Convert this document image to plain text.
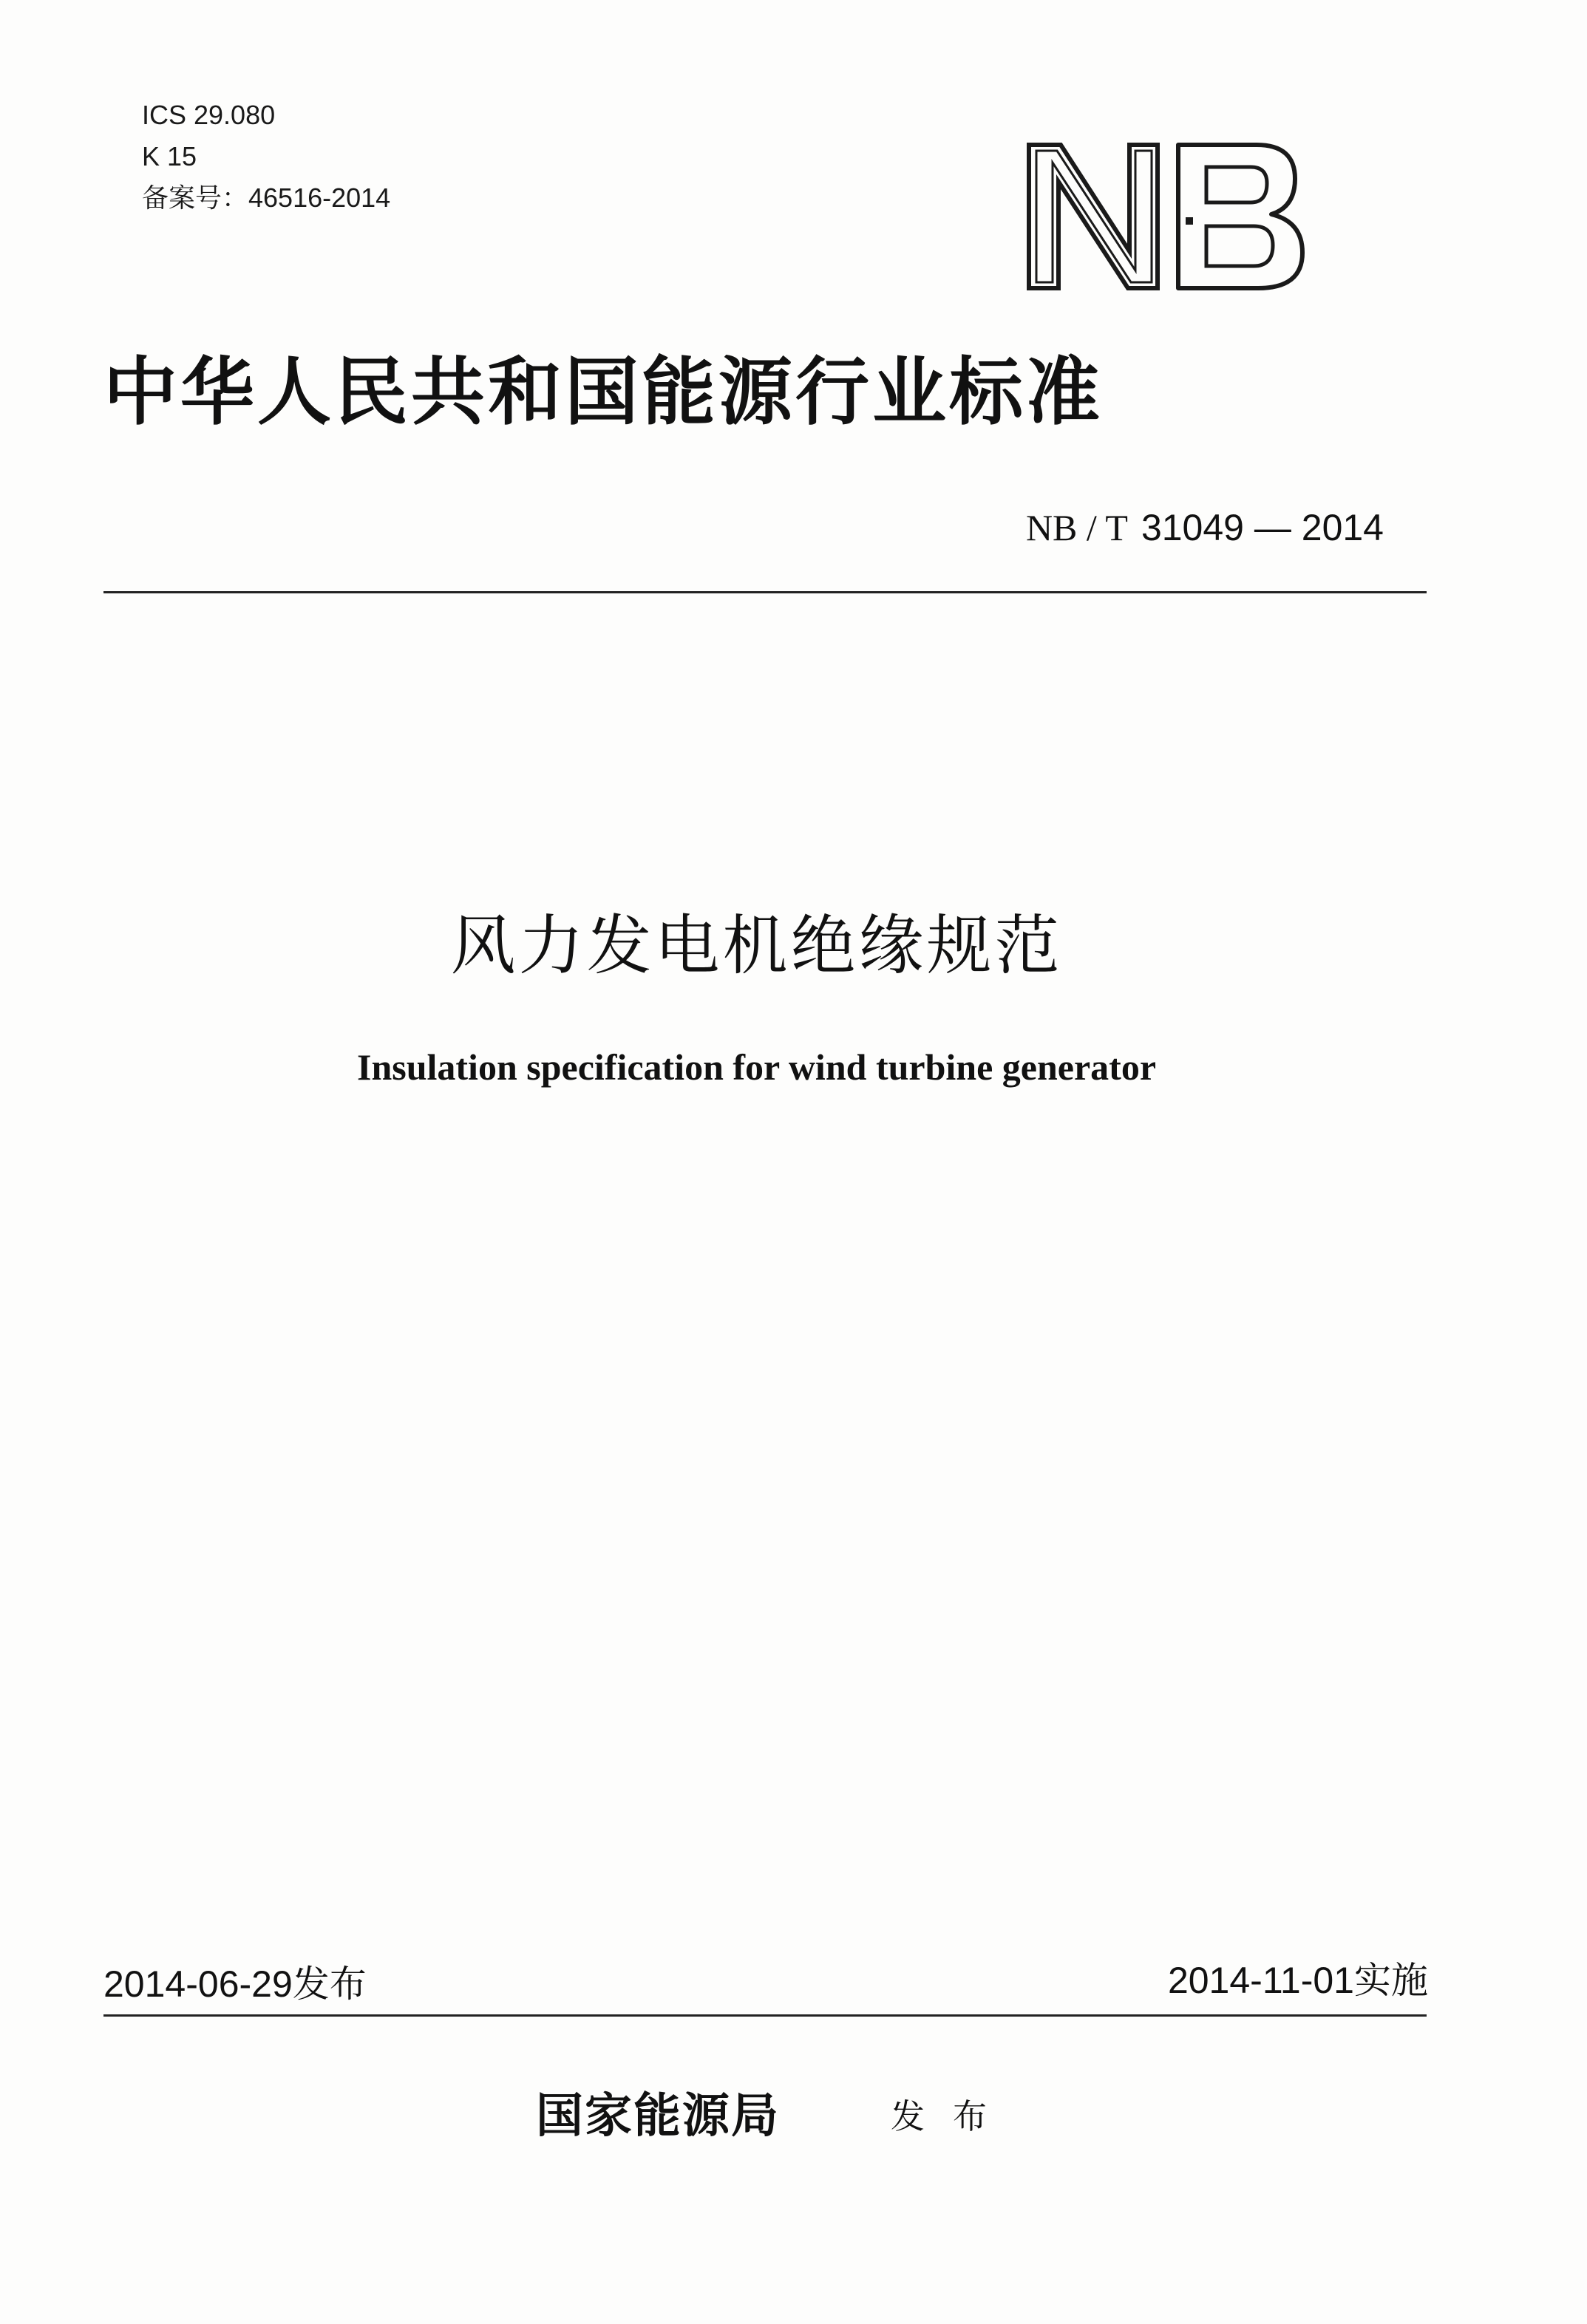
ICS 29.080
K 15
备案号：46516-2014
中华人民共和国能源行业标准
NB / T 31049 — 2014
风力发电机绝缘规范
Insulation specification for wind turbine generator
2014-06-29发布	2014-11-01实施
国家能源局	发布
